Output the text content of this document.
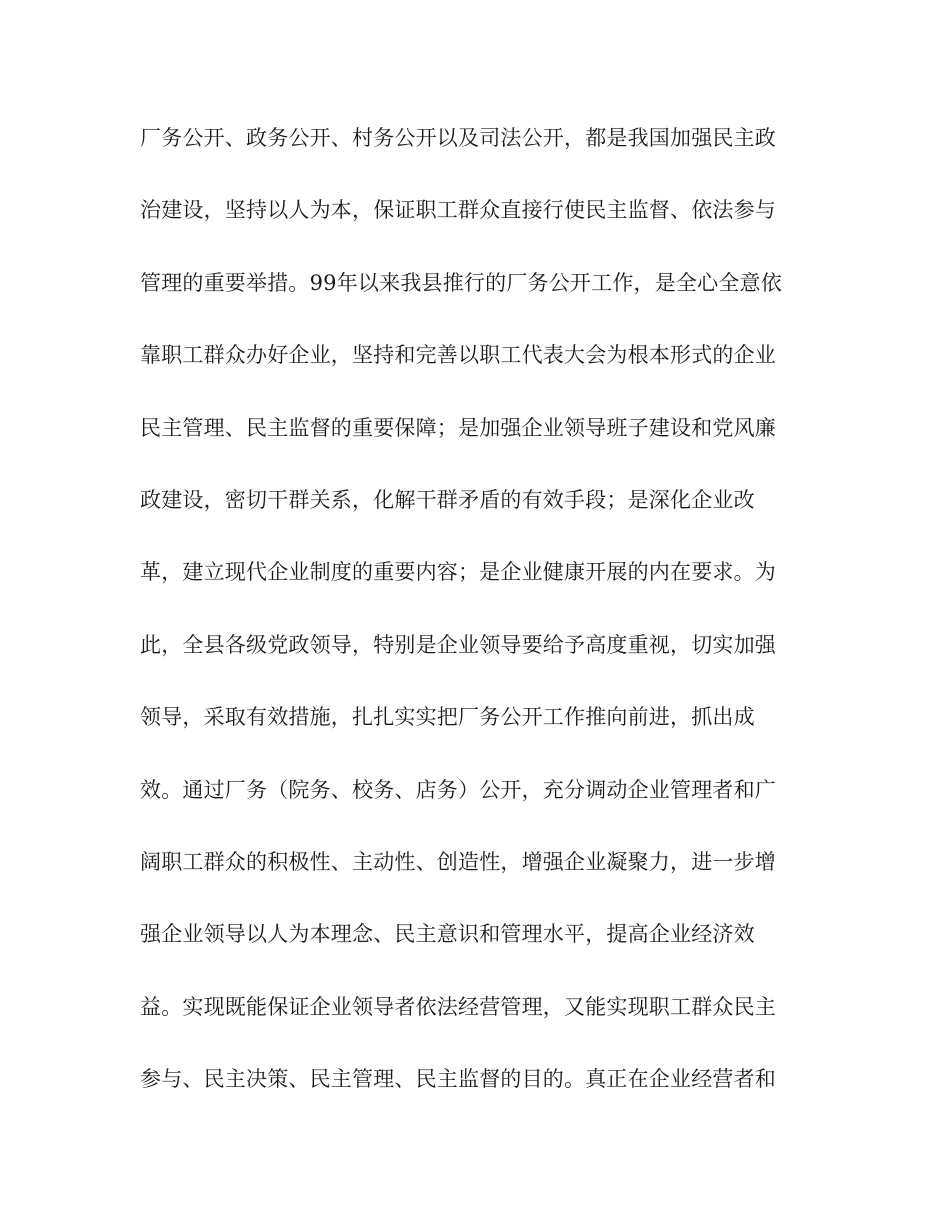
厂务公开、政务公开、村务公开以及司法公开，都是我国加强民主政
治建设，坚持以人为本，保证职工群众直接行使民主监督、依法参与
管理的重要举措。99年以来我县推行的厂务公开工作，是全心全意依
靠职工群众办好企业，坚持和完善以职工代表大会为根本形式的企业
民主管理、民主监督的重要保障；是加强企业领导班子建设和党风廉
政建设，密切干群关系，化解干群矛盾的有效手段；是深化企业改
革，建立现代企业制度的重要内容；是企业健康开展的内在要求。为
此，全县各级党政领导，特别是企业领导要给予高度重视，切实加强
领导，采取有效措施，扎扎实实把厂务公开工作推向前进，抓出成
效。通过厂务（院务、校务、店务）公开，充分调动企业管理者和广
阔职工群众的积极性、主动性、创造性，增强企业凝聚力，进一步增
强企业领导以人为本理念、民主意识和管理水平，提高企业经济效
益。实现既能保证企业领导者依法经营管理，又能实现职工群众民主
参与、民主决策、民主管理、民主监督的目的。真正在企业经营者和
